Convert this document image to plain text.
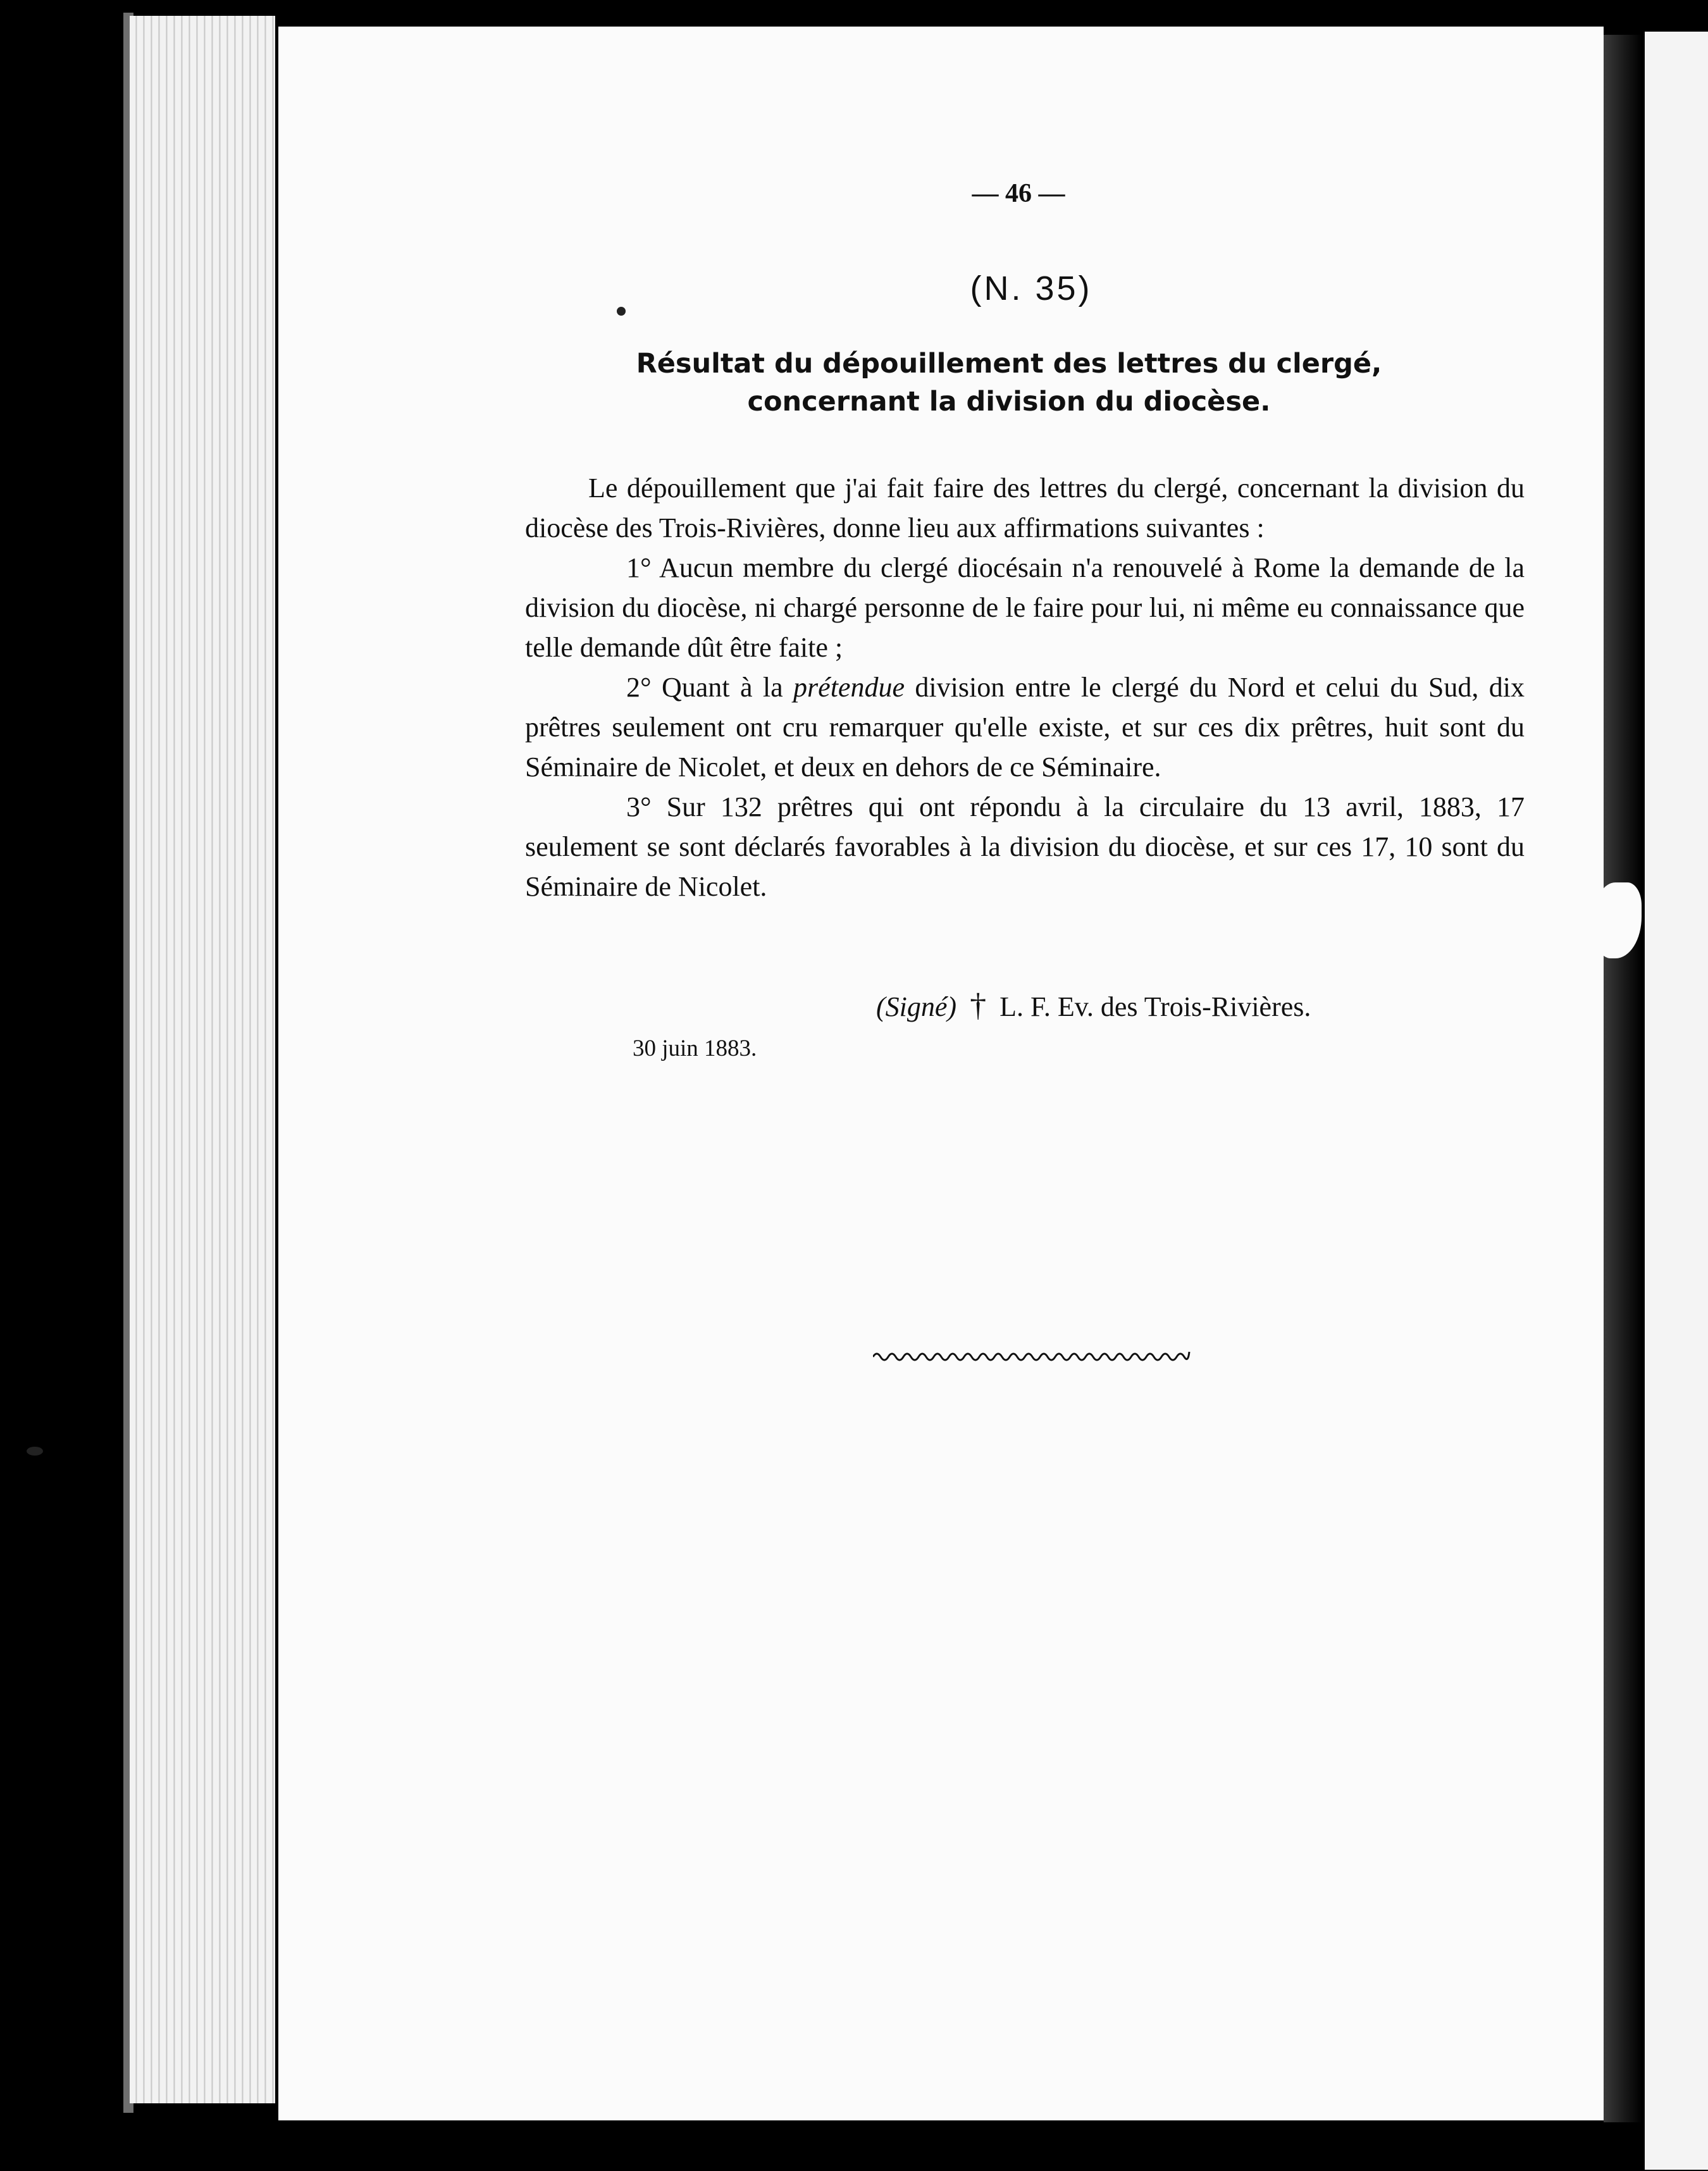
— 46 —
(N. 35)
Résultat du dépouillement des lettres du clergé, concernant la division du diocèse.

Le dépouillement que j'ai fait faire des lettres du clergé, concernant la division du diocèse des Trois-Rivières, donne lieu aux affirmations suivantes :

1° Aucun membre du clergé diocésain n'a renouvelé à Rome la demande de la division du diocèse, ni chargé personne de le faire pour lui, ni même eu connaissance que telle demande dût être faite ;

2° Quant à la prétendue division entre le clergé du Nord et celui du Sud, dix prêtres seulement ont cru remarquer qu'elle existe, et sur ces dix prêtres, huit sont du Séminaire de Nicolet, et deux en dehors de ce Séminaire.

3° Sur 132 prêtres qui ont répondu à la circulaire du 13 avril, 1883, 17 seulement se sont déclarés favorables à la division du diocèse, et sur ces 17, 10 sont du Séminaire de Nicolet.

(Signé) † L. F. Ev. des Trois-Rivières.
30 juin 1883.
